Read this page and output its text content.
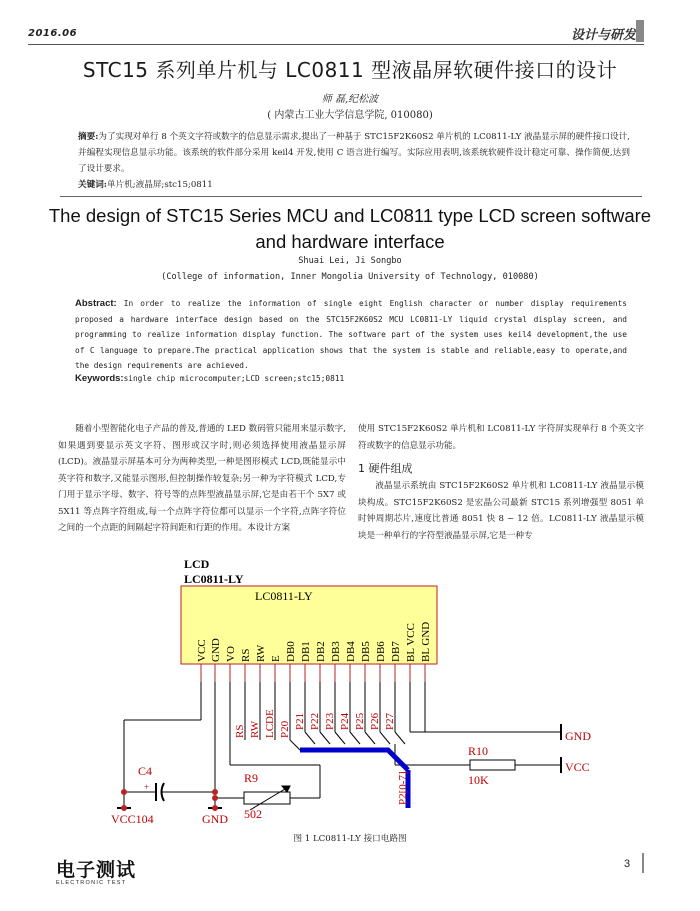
2016.06	设计与研发
STC15 系列单片机与 LC0811 型液晶屏软硬件接口的设计
师 磊,纪松波
( 内蒙古工业大学信息学院, 010080)
摘要:为了实现对单行 8 个英文字符或数字的信息显示需求,提出了一种基于 STC15F2K60S2 单片机的 LC0811-LY 液晶显示屏的硬件接口设计,并编程实现信息显示功能。该系统的软件部分采用 keil4 开发,使用 C 语言进行编写。实际应用表明,该系统软硬件设计稳定可靠、操作简便,达到了设计要求。
关键词:单片机;液晶屏;stc15;0811
The design of STC15 Series MCU and LC0811 type LCD screen software and hardware interface
Shuai Lei, Ji Songbo
(College of information, Inner Mongolia University of Technology, 010080)
Abstract: In order to realize the information of single eight English character or number display requirements proposed a hardware interface design based on the STC15F2K60S2 MCU LC0811-LY liquid crystal display screen, and programming to realize information display function. The software part of the system uses keil4 development,the use of C language to prepare.The practical application shows that the system is stable and reliable,easy to operate,and the design requirements are achieved.
Keywords:single chip microcomputer;LCD screen;stc15;0811
随着小型智能化电子产品的普及,普通的 LED 数码管只能用来显示数字,如果遇到要显示英文字符、图形或汉字时,则必须选择使用液晶显示屏(LCD)。液晶显示屏基本可分为两种类型,一种是图形模式 LCD,既能显示中英字符和数字,又能显示图形,但控制操作较复杂;另一种为字符模式 LCD,专门用于显示字母、数字、符号等的点阵型液晶显示屏,它是由若干个 5X7 或 5X11 等点阵字符组成,每一个点阵字符位都可以显示一个字符,点阵字符位之间的一个点距的间隔起字符间距和行距的作用。本设计方案
使用 STC15F2K60S2 单片机和 LC0811-LY 字符屏实现单行 8 个英文字符或数字的信息显示功能。
1 硬件组成
液晶显示系统由 STC15F2K60S2 单片机和 LC0811-LY 液晶显示模块构成。STC15F2K60S2 是宏晶公司最新 STC15 系列增强型 8051 单时钟周期芯片,速度比普通 8051 快 8 ~ 12 倍。LC0811-LY 液晶显示模块是一种单行的字符型液晶显示屏,它是一种专
LCD
LC0811-LY
LC0811-LY
VCC GND VO RS RW E DB0 DB1 DB2 DB3 DB4 DB5 DB6 DB7 BL VCC BL GND
RS RW LCDE P20 P21 P22 P23 P24 P25 P26 P27
P2[0-7]
GND
VCC
R10
10K
R9
502
C4
+
VCC104	GND
图 1 LC0811-LY 接口电路图
电子测试
ELECTRONIC TEST
3
